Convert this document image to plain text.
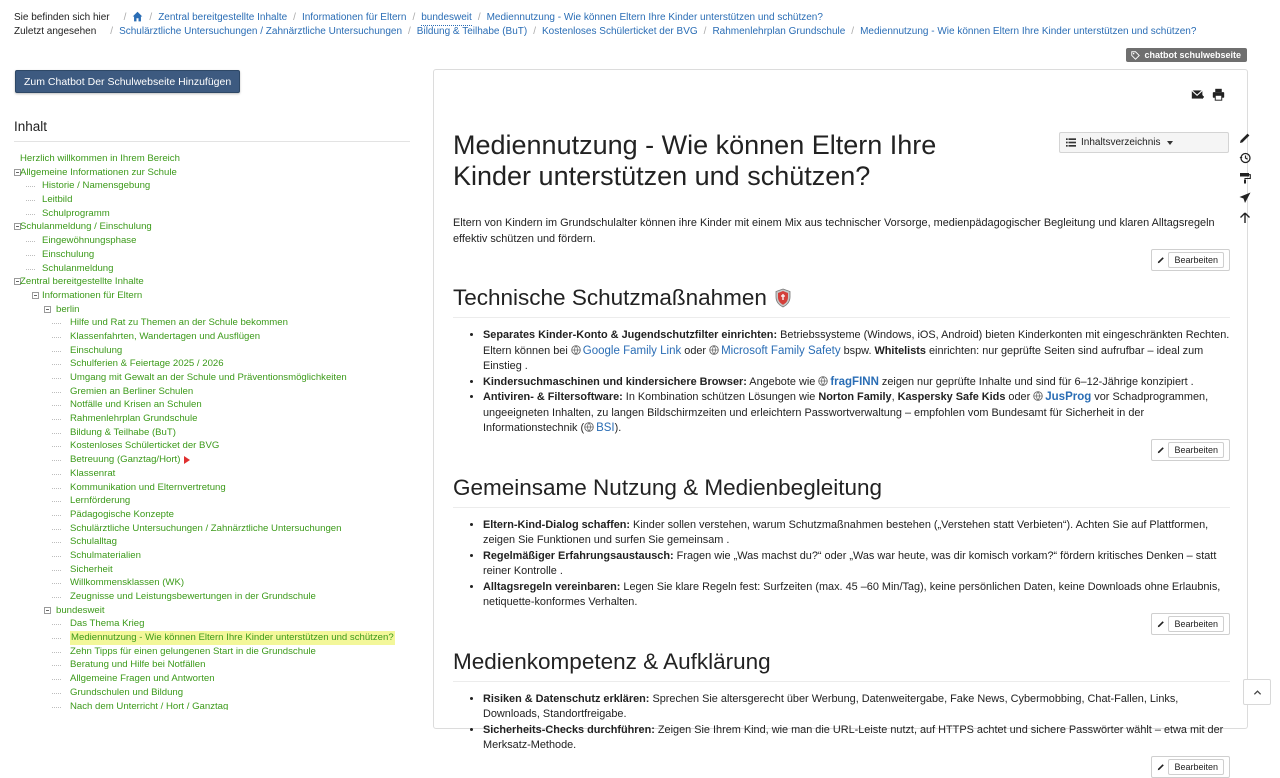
Sie befinden sich hier / / Zentral bereitgestellte Inhalte / Informationen für Eltern / bundesweit / Mediennutzung - Wie können Eltern Ihre Kinder unterstützen und schützen?
Zuletzt angesehen / Schulärztliche Untersuchungen / Zahnärztliche Untersuchungen / Bildung & Teilhabe (BuT) / Kostenloses Schülerticket der BVG / Rahmenlehrplan Grundschule / Mediennutzung - Wie können Eltern Ihre Kinder unterstützen und schützen?
chatbot schulwebseite
Zum Chatbot Der Schulwebseite Hinzufügen
Inhalt
Herzlich willkommen in Ihrem Bereich
Allgemeine Informationen zur Schule
Historie / Namensgebung
Leitbild
Schulprogramm
Schulanmeldung / Einschulung
Eingewöhnungsphase
Einschulung
Schulanmeldung
Zentral bereitgestellte Inhalte
Informationen für Eltern
berlin
Hilfe und Rat zu Themen an der Schule bekommen
Klassenfahrten, Wandertagen und Ausflügen
Einschulung
Schulferien & Feiertage 2025 / 2026
Umgang mit Gewalt an der Schule und Präventionsmöglichkeiten
Gremien an Berliner Schulen
Notfälle und Krisen an Schulen
Rahmenlehrplan Grundschule
Bildung & Teilhabe (BuT)
Kostenloses Schülerticket der BVG
Betreuung (Ganztag/Hort)
Klassenrat
Kommunikation und Elternvertretung
Lernförderung
Pädagogische Konzepte
Schulärztliche Untersuchungen / Zahnärztliche Untersuchungen
Schulalltag
Schulmaterialien
Sicherheit
Willkommensklassen (WK)
Zeugnisse und Leistungsbewertungen in der Grundschule
bundesweit
Das Thema Krieg
Mediennutzung - Wie können Eltern Ihre Kinder unterstützen und schützen?
Zehn Tipps für einen gelungenen Start in die Grundschule
Beratung und Hilfe bei Notfällen
Allgemeine Fragen und Antworten
Grundschulen und Bildung
Nach dem Unterricht / Hort / Ganztag
Inhaltsverzeichnis
Mediennutzung - Wie können Eltern Ihre Kinder unterstützen und schützen?

Eltern von Kindern im Grundschulalter können ihre Kinder mit einem Mix aus technischer Vorsorge, medienpädagogischer Begleitung und klaren Alltagsregeln effektiv schützen und fördern.

Bearbeiten
Technische Schutzmaßnahmen
• Separates Kinder-Konto & Jugendschutzfilter einrichten: Betriebssysteme (Windows, iOS, Android) bieten Kinderkonten mit eingeschränkten Rechten. Eltern können bei Google Family Link oder Microsoft Family Safety bspw. Whitelists einrichten: nur geprüfte Seiten sind aufrufbar – ideal zum Einstieg .
• Kindersuchmaschinen und kindersichere Browser: Angebote wie fragFINN zeigen nur geprüfte Inhalte und sind für 6–12-Jährige konzipiert .
• Antiviren- & Filtersoftware: In Kombination schützen Lösungen wie Norton Family, Kaspersky Safe Kids oder JusProg vor Schadprogrammen, ungeeigneten Inhalten, zu langen Bildschirmzeiten und erleichtern Passwortverwaltung – empfohlen vom Bundesamt für Sicherheit in der Informationstechnik ( BSI).
Bearbeiten
Gemeinsame Nutzung & Medienbegleitung
• Eltern-Kind-Dialog schaffen: Kinder sollen verstehen, warum Schutzmaßnahmen bestehen („Verstehen statt Verbieten“). Achten Sie auf Plattformen, zeigen Sie Funktionen und surfen Sie gemeinsam .
• Regelmäßiger Erfahrungsaustausch: Fragen wie „Was machst du?“ oder „Was war heute, was dir komisch vorkam?“ fördern kritisches Denken – statt reiner Kontrolle .
• Alltagsregeln vereinbaren: Legen Sie klare Regeln fest: Surfzeiten (max. 45 –60 Min/Tag), keine persönlichen Daten, keine Downloads ohne Erlaubnis, netiquette-konformes Verhalten.
Bearbeiten
Medienkompetenz & Aufklärung
• Risiken & Datenschutz erklären: Sprechen Sie altersgerecht über Werbung, Datenweitergabe, Fake News, Cybermobbing, Chat-Fallen, Links, Downloads, Standortfreigabe.
• Sicherheits-Checks durchführen: Zeigen Sie Ihrem Kind, wie man die URL-Leiste nutzt, auf HTTPS achtet und sichere Passwörter wählt – etwa mit der Merksatz-Methode.
Bearbeiten
